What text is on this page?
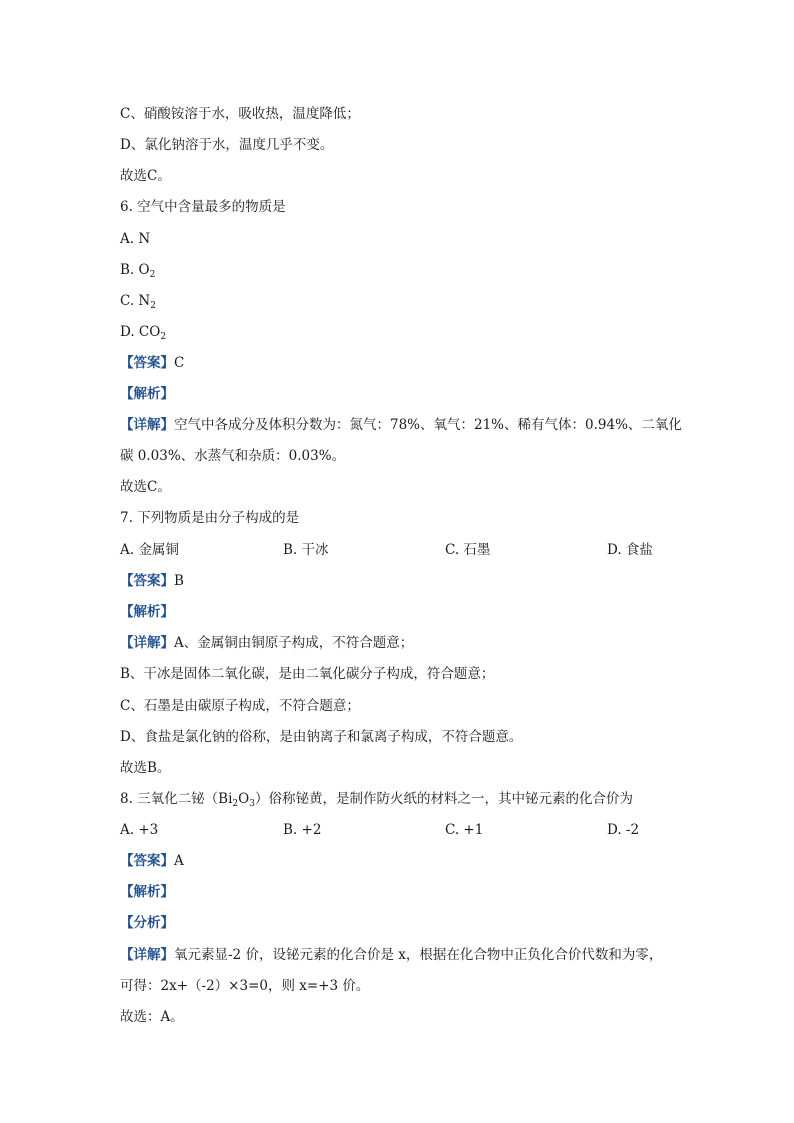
C、硝酸铵溶于水，吸收热，温度降低；
D、氯化钠溶于水，温度几乎不变。
故选C。
6. 空气中含量最多的物质是
A. N
B. $O_2$
C. $N_2$
D. $CO_2$
【答案】C
【解析】
【详解】空气中各成分及体积分数为：氮气：78%、氧气：21%、稀有气体：0.94%、二氧化
碳 0.03%、水蒸气和杂质：0.03%。
故选C。
7. 下列物质是由分子构成的是
A. 金属铜	B. 干冰	C. 石墨	D. 食盐
【答案】B
【解析】
【详解】A、金属铜由铜原子构成，不符合题意；
B、干冰是固体二氧化碳，是由二氧化碳分子构成，符合题意；
C、石墨是由碳原子构成，不符合题意；
D、食盐是氯化钠的俗称，是由钠离子和氯离子构成，不符合题意。
故选B。
8. 三氧化二铋$(Bi_2O_3)$俗称铋黄，是制作防火纸的材料之一，其中铋元素的化合价为
A. +3	B. +2	C. +1	D. -2
【答案】A
【解析】
【分析】
【详解】氧元素显-2 价，设铋元素的化合价是 x，根据在化合物中正负化合价代数和为零，
可得：2x+（-2）×3=0，则 x=+3 价。
故选：A。
